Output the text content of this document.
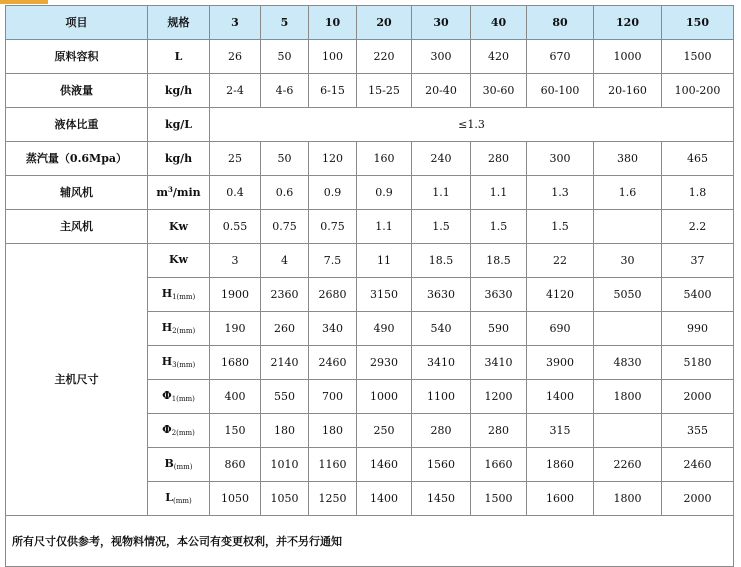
项目	规格	3	5	10	20	30	40	80	120	150
原料容积	L	26	50	100	220	300	420	670	1000	1500
供液量	kg/h	2-4	4-6	6-15	15-25	20-40	30-60	60-100	20-160	100-200
液体比重	kg/L	≤1.3								
蒸汽量（0.6Mpa）	kg/h	25	50	120	160	240	280	300	380	465
辅风机	$m^3/\min$	0.4	0.6	0.9	0.9	1.1	1.1	1.3	1.6	1.8
主风机	Kw	0.55	0.75	0.75	1.1	1.5	1.5	1.5		2.2
主机尺寸	Kw	3	4	7.5	11	18.5	18.5	22	30	37
	H1(mm)	1900	2360	2680	3150	3630	3630	4120	5050	5400
	H2(mm)	190	260	340	490	540	590	690		990
	H3(mm)	1680	2140	2460	2930	3410	3410	3900	4830	5180
	Φ1(mm)	400	550	700	1000	1100	1200	1400	1800	2000
	Φ2(mm)	150	180	180	250	280	280	315		355
	B(mm)	860	1010	1160	1460	1560	1660	1860	2260	2460
	L(mm)	1050	1050	1250	1400	1450	1500	1600	1800	2000
所有尺寸仅供参考，视物料情况，本公司有变更权利，并不另行通知										
